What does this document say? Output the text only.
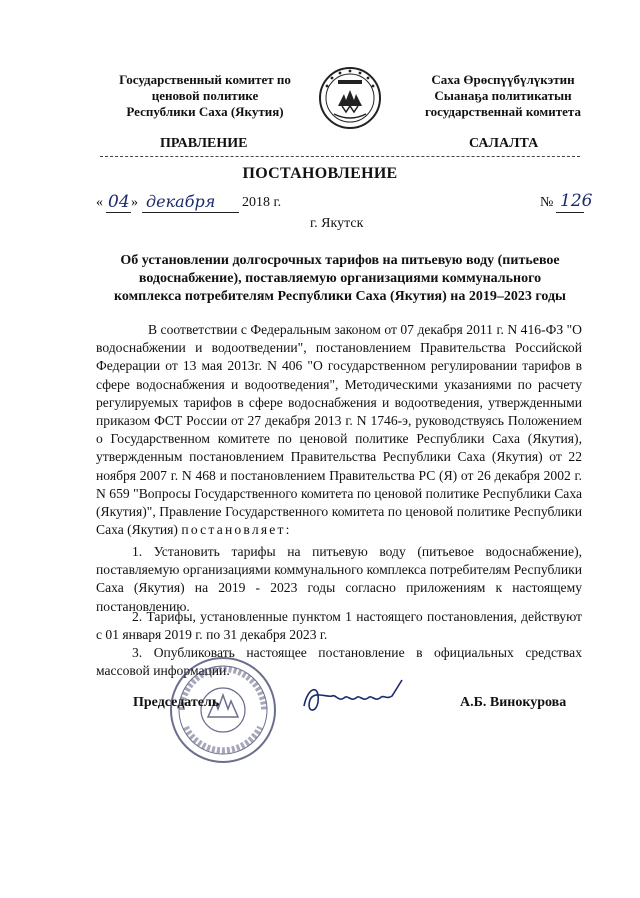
Государственный комитет по
ценовой политике
Республики Саха (Якутия)
Саха Өрөспүүбүлүкэтин
Сыанаҕа политикатын
государственнай комитета
ПРАВЛЕНИЕ	САЛАЛТА
ПОСТАНОВЛЕНИЕ
« 04 » декабря 2018 г.	№ 126
г. Якутск
Об установлении долгосрочных тарифов на питьевую воду (питьевое
водоснабжение), поставляемую организациями коммунального
комплекса потребителям Республики Саха (Якутия) на 2019–2023 годы

В соответствии с Федеральным законом от 07 декабря 2011 г. N 416-ФЗ "О водоснабжении и водоотведении", постановлением Правительства Российской Федерации от 13 мая 2013г. N 406 "О государственном регулировании тарифов в сфере водоснабжения и водоотведения", Методическими указаниями по расчету регулируемых тарифов в сфере водоснабжения и водоотведения, утвержденными приказом ФСТ России от 27 декабря 2013 г. N 1746-э, руководствуясь Положением о Государственном комитете по ценовой политике Республики Саха (Якутия), утвержденным постановлением Правительства Республики Саха (Якутия) от 22 ноября 2007 г. N 468 и постановлением Правительства РС (Я) от 26 декабря 2002 г. N 659 "Вопросы Государственного комитета по ценовой политике Республики Саха (Якутия)", Правление Государственного комитета по ценовой политике Республики Саха (Якутия) постановляет:

1. Установить тарифы на питьевую воду (питьевое водоснабжение), поставляемую организациями коммунального комплекса потребителям Республики Саха (Якутия) на 2019 - 2023 годы согласно приложениям к настоящему постановлению.

2. Тарифы, установленные пунктом 1 настоящего постановления, действуют с 01 января 2019 г. по 31 декабря 2023 г.

3. Опубликовать настоящее постановление в официальных средствах массовой информации.

Председатель	А.Б. Винокурова
